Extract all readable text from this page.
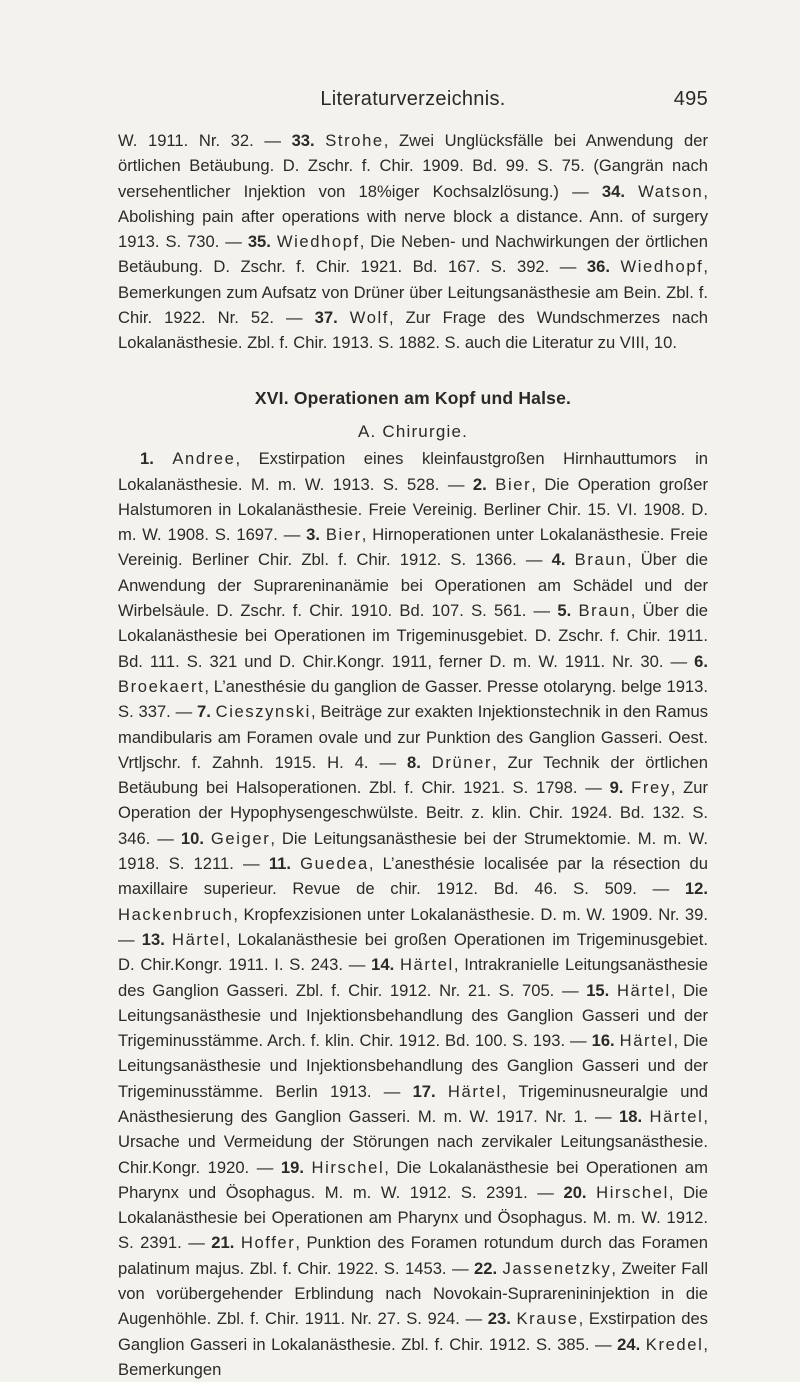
Literaturverzeichnis.	495

W. 1911. Nr. 32. — 33. Strohe, Zwei Unglücksfälle bei Anwendung der örtlichen Betäubung. D. Zschr. f. Chir. 1909. Bd. 99. S. 75. (Gangrän nach versehentlicher Injektion von 18%iger Kochsalzlösung.) — 34. Watson, Abolishing pain after operations with nerve block a distance. Ann. of surgery 1913. S. 730. — 35. Wiedhopf, Die Neben- und Nachwirkungen der örtlichen Betäubung. D. Zschr. f. Chir. 1921. Bd. 167. S. 392. — 36. Wiedhopf, Bemerkungen zum Aufsatz von Drüner über Leitungsanästhesie am Bein. Zbl. f. Chir. 1922. Nr. 52. — 37. Wolf, Zur Frage des Wundschmerzes nach Lokalanästhesie. Zbl. f. Chir. 1913. S. 1882. S. auch die Literatur zu VIII, 10.

XVI. Operationen am Kopf und Halse.
A. Chirurgie.

1. Andree, Exstirpation eines kleinfaustgroßen Hirnhauttumors in Lokalanästhesie. M. m. W. 1913. S. 528. — 2. Bier, Die Operation großer Halstumoren in Lokalanästhesie. Freie Vereinig. Berliner Chir. 15. VI. 1908. D. m. W. 1908. S. 1697. — 3. Bier, Hirnoperationen unter Lokalanästhesie. Freie Vereinig. Berliner Chir. Zbl. f. Chir. 1912. S. 1366. — 4. Braun, Über die Anwendung der Suprareninanämie bei Operationen am Schädel und der Wirbelsäule. D. Zschr. f. Chir. 1910. Bd. 107. S. 561. — 5. Braun, Über die Lokalanästhesie bei Operationen im Trigeminusgebiet. D. Zschr. f. Chir. 1911. Bd. 111. S. 321 und D. Chir.Kongr. 1911, ferner D. m. W. 1911. Nr. 30. — 6. Broekaert, L’anesthésie du ganglion de Gasser. Presse otolaryng. belge 1913. S. 337. — 7. Cieszynski, Beiträge zur exakten Injektionstechnik in den Ramus mandibularis am Foramen ovale und zur Punktion des Ganglion Gasseri. Oest. Vrtljschr. f. Zahnh. 1915. H. 4. — 8. Drüner, Zur Technik der örtlichen Betäubung bei Halsoperationen. Zbl. f. Chir. 1921. S. 1798. — 9. Frey, Zur Operation der Hypophysengeschwülste. Beitr. z. klin. Chir. 1924. Bd. 132. S. 346. — 10. Geiger, Die Leitungsanästhesie bei der Strumektomie. M. m. W. 1918. S. 1211. — 11. Guedea, L’anesthésie localisée par la résection du maxillaire superieur. Revue de chir. 1912. Bd. 46. S. 509. — 12. Hackenbruch, Kropfexzisionen unter Lokalanästhesie. D. m. W. 1909. Nr. 39. — 13. Härtel, Lokalanästhesie bei großen Operationen im Trigeminusgebiet. D. Chir.Kongr. 1911. I. S. 243. — 14. Härtel, Intrakranielle Leitungsanästhesie des Ganglion Gasseri. Zbl. f. Chir. 1912. Nr. 21. S. 705. — 15. Härtel, Die Leitungsanästhesie und Injektionsbehandlung des Ganglion Gasseri und der Trigeminusstämme. Arch. f. klin. Chir. 1912. Bd. 100. S. 193. — 16. Härtel, Die Leitungsanästhesie und Injektionsbehandlung des Ganglion Gasseri und der Trigeminusstämme. Berlin 1913. — 17. Härtel, Trigeminusneuralgie und Anästhesierung des Ganglion Gasseri. M. m. W. 1917. Nr. 1. — 18. Härtel, Ursache und Vermeidung der Störungen nach zervikaler Leitungsanästhesie. Chir.Kongr. 1920. — 19. Hirschel, Die Lokalanästhesie bei Operationen am Pharynx und Ösophagus. M. m. W. 1912. S. 2391. — 20. Hirschel, Die Lokalanästhesie bei Operationen am Pharynx und Ösophagus. M. m. W. 1912. S. 2391. — 21. Hoffer, Punktion des Foramen rotundum durch das Foramen palatinum majus. Zbl. f. Chir. 1922. S. 1453. — 22. Jassenetzky, Zweiter Fall von vorübergehender Erblindung nach Novokain-Suprarenininjektion in die Augenhöhle. Zbl. f. Chir. 1911. Nr. 27. S. 924. — 23. Krause, Exstirpation des Ganglion Gasseri in Lokalanästhesie. Zbl. f. Chir. 1912. S. 385. — 24. Kredel, Bemerkungen
